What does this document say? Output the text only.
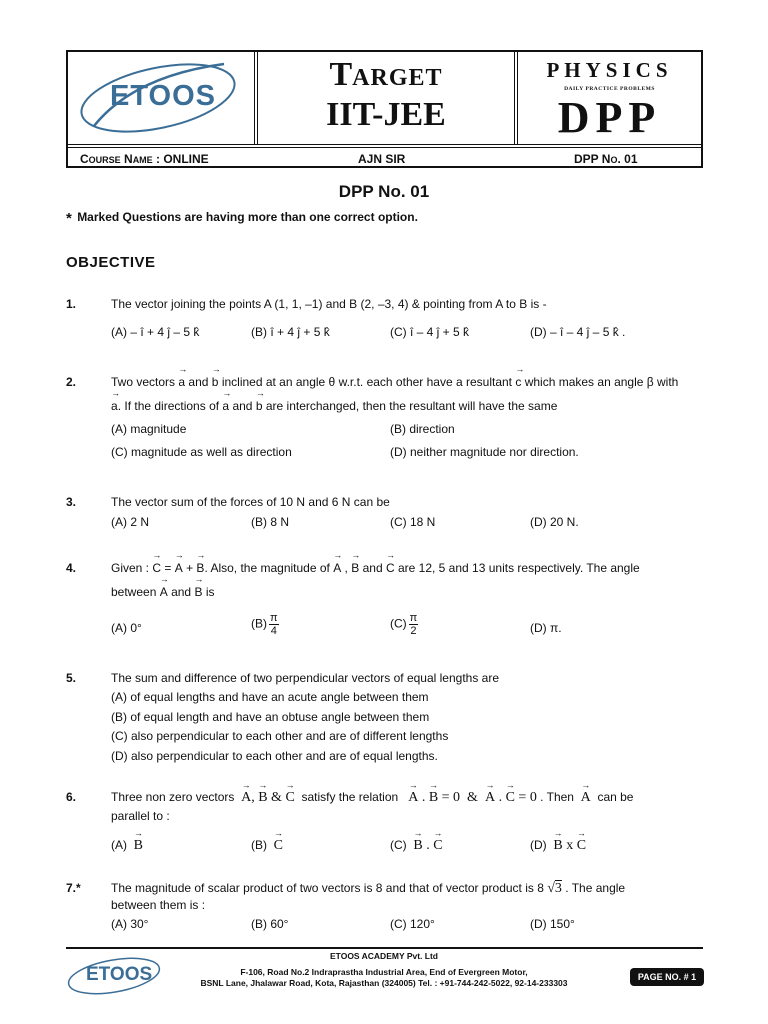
ETOOS
TARGET
IIT-JEE
PHYSICS
DAILY PRACTICE PROBLEMS
DPP
COURSE NAME : ONLINE	AJN SIR	DPP NO. 01
DPP No. 01
* Marked Questions are having more than one correct option.
OBJECTIVE
1.	The vector joining the points A (1, 1, –1) and B (2, –3, 4) & pointing from A to B is -
(A) – î + 4 ĵ – 5 k̂	(B) î + 4 ĵ + 5 k̂	(C) î – 4 ĵ + 5 k̂	(D) – î – 4 ĵ – 5 k̂ .
2.	Two vectors a
→
and b
→
inclined at an angle θ w.r.t. each other have a resultant c
→
which makes an angle β with
a
→
. If the directions of a
→
and b
→
are interchanged, then the resultant will have the same
(A) magnitude	(B) direction
(C) magnitude as well as direction	(D) neither magnitude nor direction.
3.	The vector sum of the forces of 10 N and 6 N can be
(A) 2 N	(B) 8 N	(C) 18 N	(D) 20 N.
4.	Given : C
→
= A
→
+ B
→
. Also, the magnitude of A
→
, B
→
and C
→
are 12, 5 and 13 units respectively. The angle
between A
→
and B
→
is
(A) 0°	$(B) \frac{\pi}{4}$	$(C) \frac{\pi}{2}$	(D) π.
5.	The sum and difference of two perpendicular vectors of equal lengths are
(A) of equal lengths and have an acute angle between them
(B) of equal length and have an obtuse angle between them
(C) also perpendicular to each other and are of different lengths
(D) also perpendicular to each other and are of equal lengths.
6.	Three non zero vectors A
→
, B
→
& C
→
satisfy the relation A
→
. B
→
= 0  &  A
→
. C
→
= 0 . Then A
→
can be
parallel to :
(A) B
→
(B) C
→
(C) B
→
. C
→
(D) B
→
x C
→
7.*	The magnitude of scalar product of two vectors is 8 and that of vector product is 8 √3 . The angle
between them is :
(A) 30°	(B) 60°	(C) 120°	(D) 150°
ETOOS
ETOOS ACADEMY Pvt. Ltd
F-106, Road No.2 Indraprastha Industrial Area, End of Evergreen Motor,
BSNL Lane, Jhalawar Road, Kota, Rajasthan (324005) Tel. : +91-744-242-5022, 92-14-233303
PAGE NO. # 1
